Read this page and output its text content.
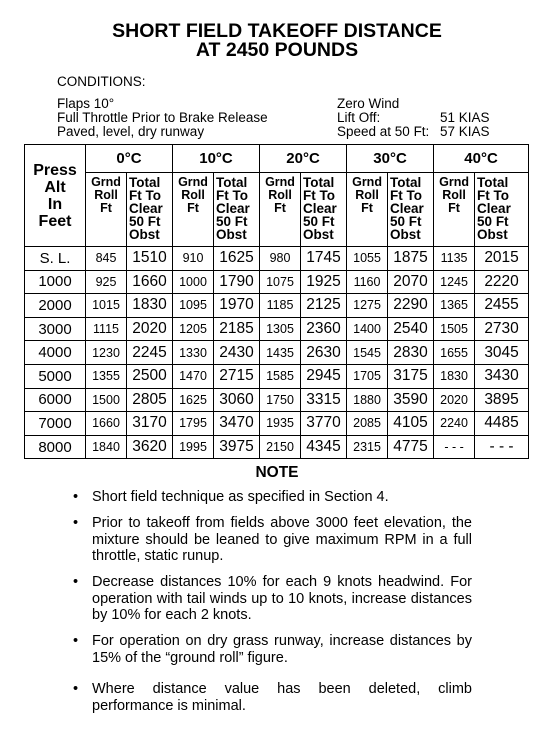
SHORT FIELD TAKEOFF DISTANCE
AT 2450 POUNDS
CONDITIONS:
Flaps 10°
Full Throttle Prior to Brake Release
Paved, level, dry runway
Zero Wind
Lift Off:	51 KIAS
Speed at 50 Ft: 57 KIAS
Press
Alt
In
Feet	0°C		10°C		20°C		30°C		40°C	
	Grnd
Roll
Ft	Total
Ft To
Clear
50 Ft
Obst	Grnd
Roll
Ft	Total
Ft To
Clear
50 Ft
Obst	Grnd
Roll
Ft	Total
Ft To
Clear
50 Ft
Obst	Grnd
Roll
Ft	Total
Ft To
Clear
50 Ft
Obst	Grnd
Roll
Ft	Total
Ft To
Clear
50 Ft
Obst
S. L.	845	1510	910	1625	980	1745	1055	1875	1135	2015
1000	925	1660	1000	1790	1075	1925	1160	2070	1245	2220
2000	1015	1830	1095	1970	1185	2125	1275	2290	1365	2455
3000	1115	2020	1205	2185	1305	2360	1400	2540	1505	2730
4000	1230	2245	1330	2430	1435	2630	1545	2830	1655	3045
5000	1355	2500	1470	2715	1585	2945	1705	3175	1830	3430
6000	1500	2805	1625	3060	1750	3315	1880	3590	2020	3895
7000	1660	3170	1795	3470	1935	3770	2085	4105	2240	4485
8000	1840	3620	1995	3975	2150	4345	2315	4775	- - -	- - -
NOTE
• Short field technique as specified in Section 4.
• Prior to takeoff from fields above 3000 feet elevation, the mixture should be leaned to give maximum RPM in a full throttle, static runup.
• Decrease distances 10% for each 9 knots headwind. For operation with tail winds up to 10 knots, increase distances by 10% for each 2 knots.
• For operation on dry grass runway, increase distances by 15% of the “ground roll” figure.
• Where distance value has been deleted, climb performance is minimal.
